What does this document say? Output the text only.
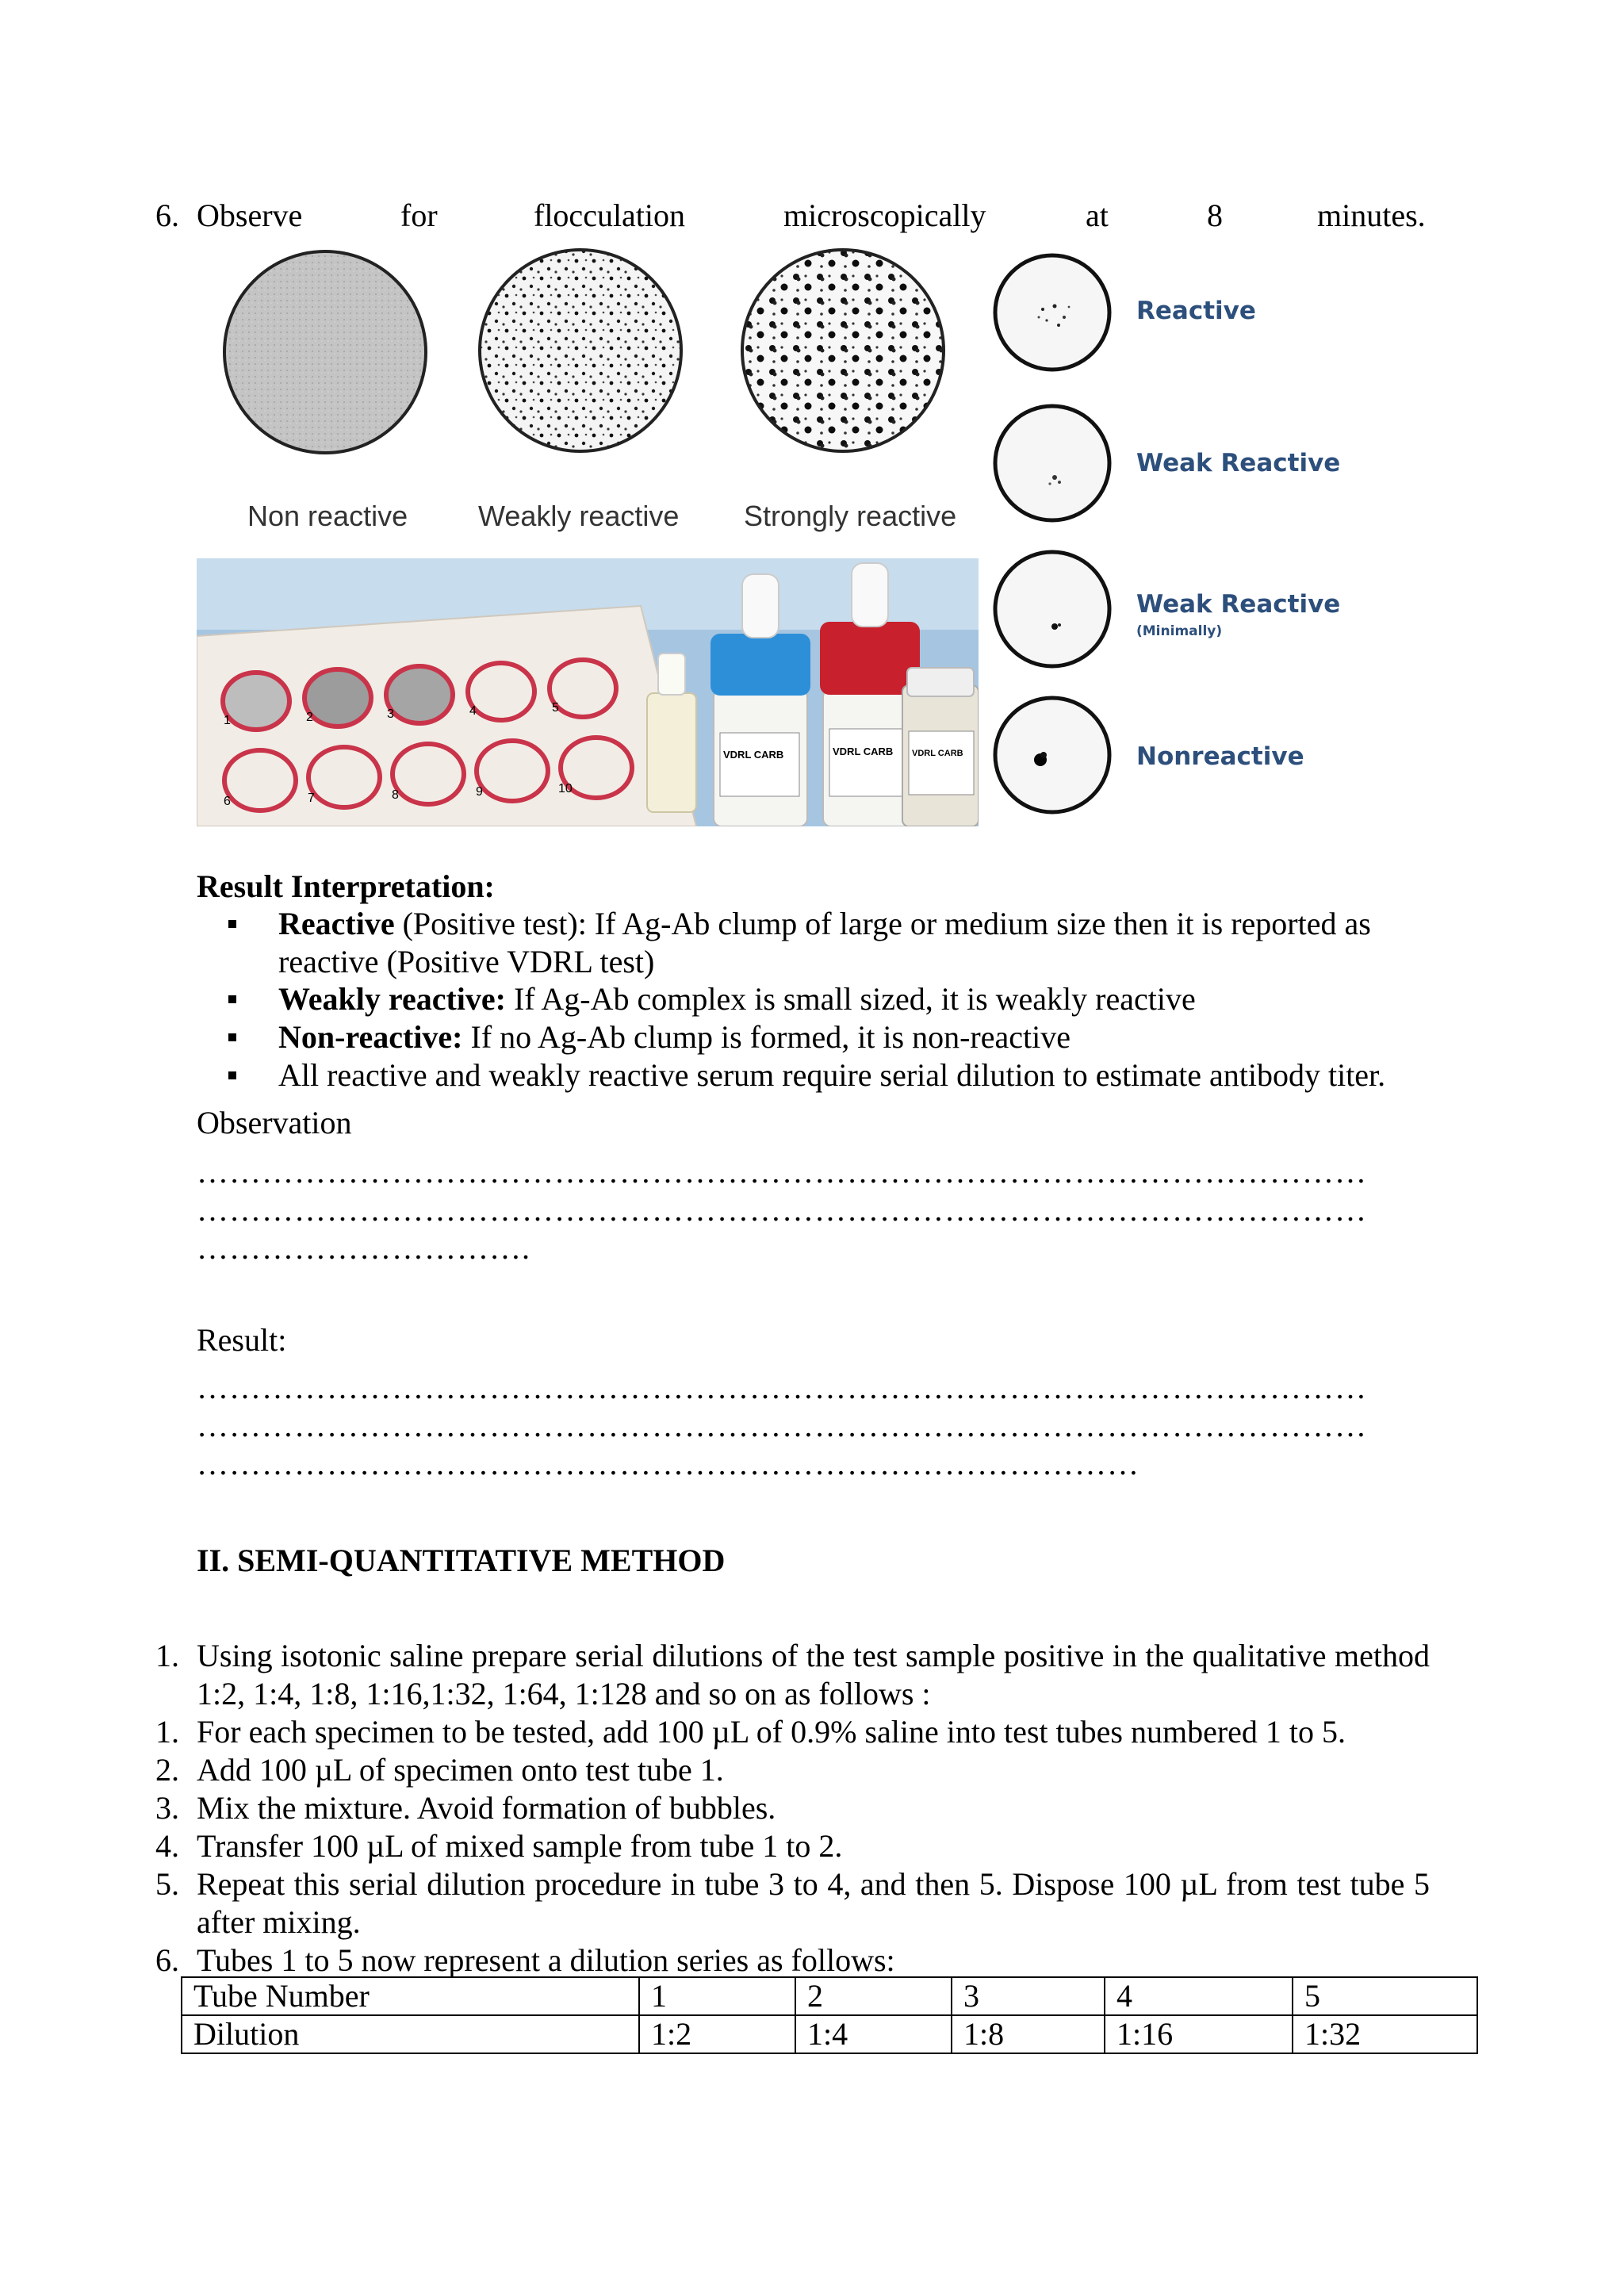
6. Observe	for	flocculation	microscopically	at	8	minutes.
Non reactive Weakly reactive Strongly reactive
1	2	3	4	5
6	7	8	9	10
VDRL CARB	VDRL CARB VDRL CARB
Reactive
Weak Reactive
Weak Reactive
(Minimally)
Nonreactive
Result Interpretation:
Reactive (Positive test): If Ag-Ab clump of large or medium size then it is reported as reactive (Positive VDRL test)
Weakly reactive: If Ag-Ab complex is small sized, it is weakly reactive
Non-reactive: If no Ag-Ab clump is formed, it is non-reactive
All reactive and weakly reactive serum require serial dilution to estimate antibody titer.
Observation
………………………………………………………………………………………………
………………………………………………………………………………………………
………………………….
Result:
………………………………………………………………………………………………
………………………………………………………………………………………………
……………………………………………………………………………
II. SEMI-QUANTITATIVE METHOD
1. Using isotonic saline prepare serial dilutions of the test sample positive in the qualitative method 1:2, 1:4, 1:8, 1:16,1:32, 1:64, 1:128 and so on as follows :
1. For each specimen to be tested, add 100 µL of 0.9% saline into test tubes numbered 1 to 5.
2. Add 100 µL of specimen onto test tube 1.
3. Mix the mixture. Avoid formation of bubbles.
4. Transfer 100 µL of mixed sample from tube 1 to 2.
5. Repeat this serial dilution procedure in tube 3 to 4, and then 5. Dispose 100 µL from test tube 5 after mixing.
6. Tubes 1 to 5 now represent a dilution series as follows:
Tube Number	1	2	3	4	5
Dilution	1:2	1:4	1:8	1:16	1:32
